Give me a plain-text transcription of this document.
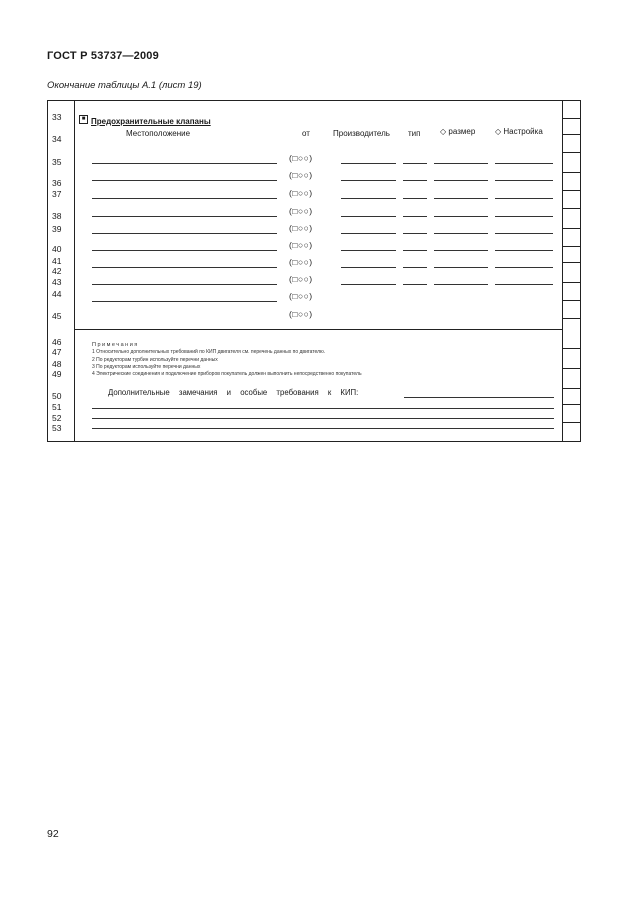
ГОСТ Р 53737—2009
Окончание таблицы А.1 (лист 19)
33
34
35
36
37
38
39
40
41
42
43
44
45
46
47
48
49
50
51
52
53
■ Предохранительные клапаны
Местоположение	от	Производитель тип ◇ размер ◇ Настройка
(□○○)
(□○○)
(□○○)
(□○○)
(□○○)
(□○○)
(□○○)
(□○○)
(□○○)
(□○○)
Примечания
1 Относительно дополнительных требований по КИП двигателя см. перечень данных по двигателю.
2 По редукторам турбин используйте перечни данных
3 По редукторам используйте перечни данных
4 Электрические соединения и подключение приборов покупатель должен выполнить непосредственно покупатель
Дополнительные замечания и особые требования к КИП:
92
